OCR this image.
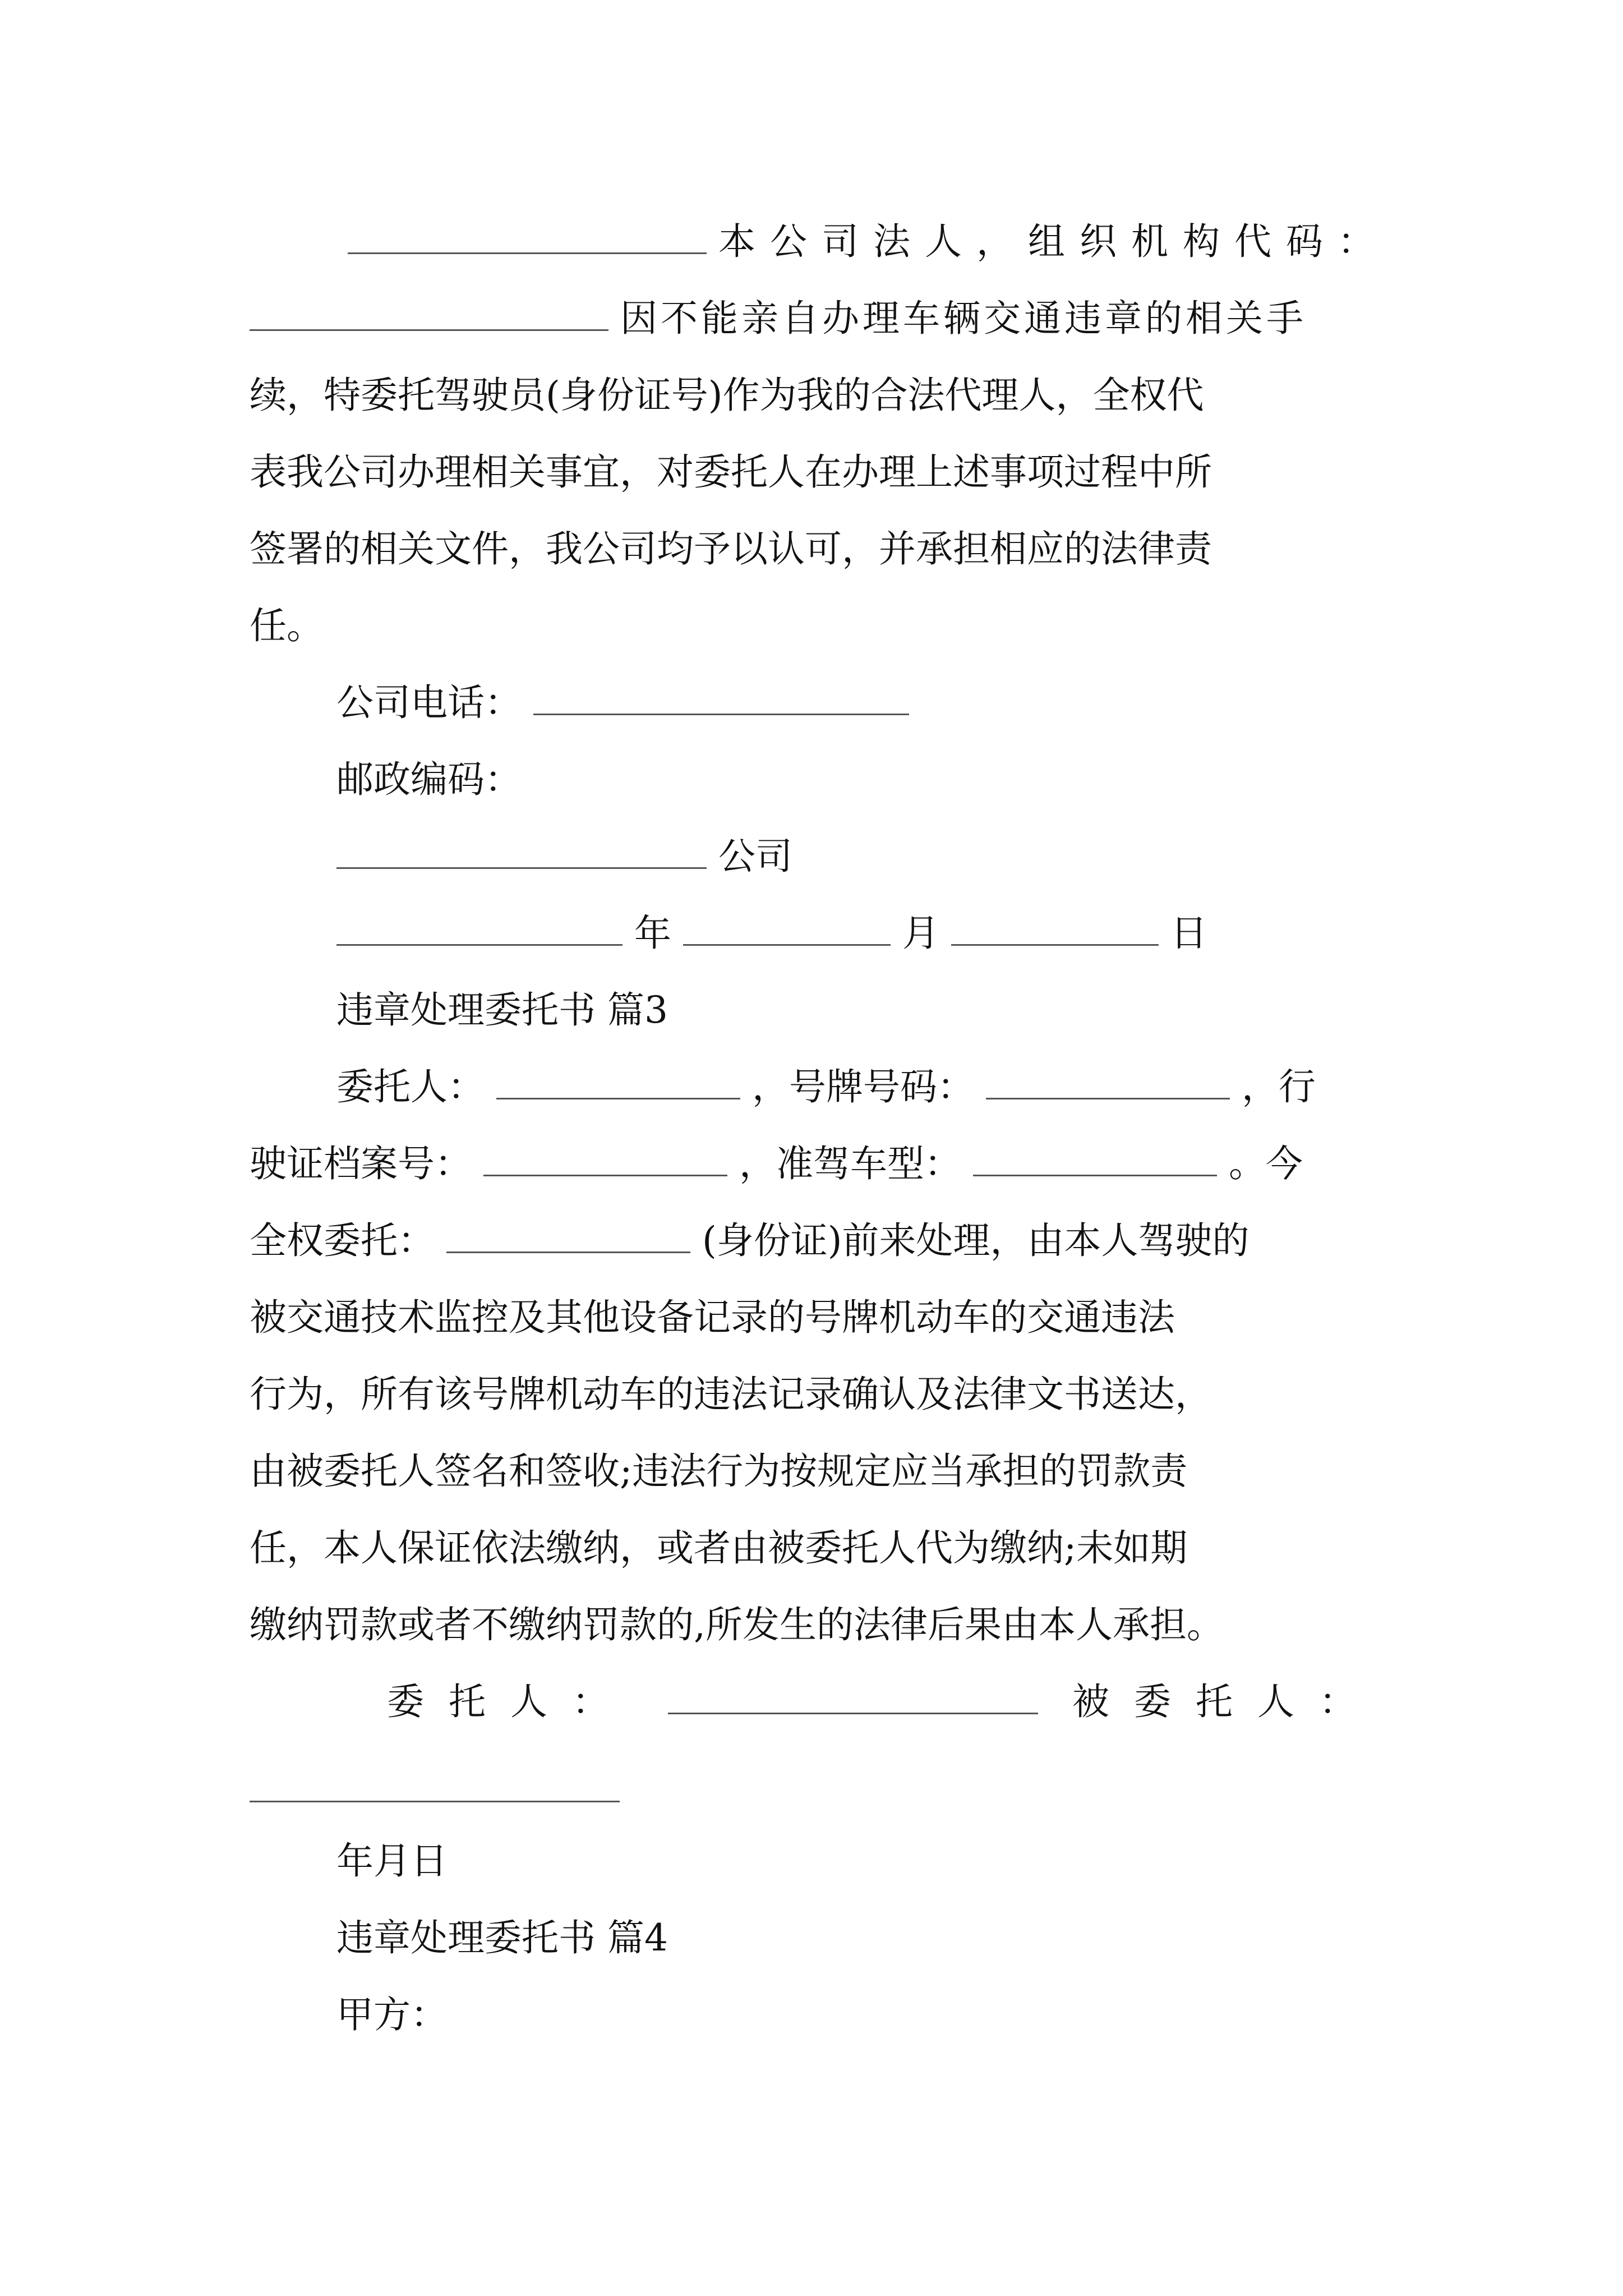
本公司法人，组织机构代码：
因不能亲自办理车辆交通违章的相关手
续，特委托驾驶员(身份证号)作为我的合法代理人，全权代
表我公司办理相关事宜，对委托人在办理上述事项过程中所
签署的相关文件，我公司均予以认可，并承担相应的法律责
任。
公司电话：
邮政编码：
公司
年	月	日
违章处理委托书 篇3
委托人：	，号牌号码：	，行
驶证档案号：	，准驾车型：	。今
全权委托：	(身份证)前来处理，由本人驾驶的
被交通技术监控及其他设备记录的号牌机动车的交通违法
行为，所有该号牌机动车的违法记录确认及法律文书送达，
由被委托人签名和签收;违法行为按规定应当承担的罚款责
任，本人保证依法缴纳，或者由被委托人代为缴纳;未如期
缴纳罚款或者不缴纳罚款的,所发生的法律后果由本人承担。
委托人：	被委托人：
年月日
违章处理委托书 篇4
甲方：
